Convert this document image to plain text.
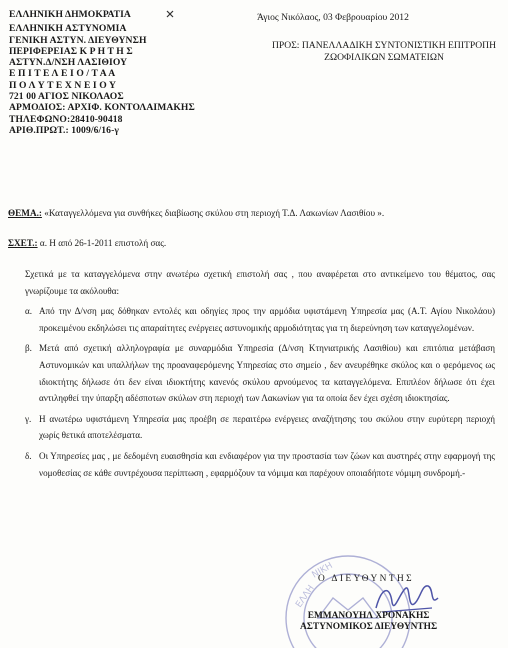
ΕΛΛΗΝΙΚΗ ΔΗΜΟΚΡΑΤΙΑ
ΕΛΛΗΝΙΚΗ ΑΣΤΥΝΟΜΙΑ
ΓΕΝΙΚΗ ΑΣΤΥΝ. ΔΙΕΥΘΥΝΣΗ
ΠΕΡΙΦΕΡΕΙΑΣ Κ Ρ Η Τ Η Σ
ΑΣΤΥΝ.Δ/ΝΣΗ ΛΑΣΙΘΙΟΥ
Ε Π Ι Τ Ε Λ Ε Ι Ο / Τ Α Α
Π Ο Λ Υ Τ Ε Χ Ν Ε Ι Ο Υ
721 00 ΑΓΙΟΣ ΝΙΚΟΛΑΟΣ
ΑΡΜΟΔΙΟΣ: ΑΡΧΙΦ. ΚΟΝΤΟΛΑΙΜΑΚΗΣ
ΤΗΛΕΦΩΝΟ:28410-90418
ΑΡΙΘ.ΠΡΩΤ.: 1009/6/16-γ
Άγιος Νικόλαος, 03 Φεβρουαρίου 2012
ΠΡΟΣ: ΠΑΝΕΛΛΑΔΙΚΗ ΣΥΝΤΟΝΙΣΤΙΚΗ ΕΠΙΤΡΟΠΗ
ΖΩΟΦΙΛΙΚΩΝ ΣΩΜΑΤΕΙΩΝ
ΘΕΜΑ.: «Καταγγελλόμενα για συνθήκες διαβίωσης σκύλου στη περιοχή Τ.Δ. Λακωνίων Λασιθίου ».
ΣΧΕΤ.: α. Η από 26-1-2011 επιστολή σας.

Σχετικά με τα καταγγελόμενα στην ανωτέρω σχετική επιστολή σας , που αναφέρεται στο αντικείμενο του θέματος, σας γνωρίζουμε τα ακόλουθα:

α. Από την Δ/νση μας δόθηκαν εντολές και οδηγίες προς την αρμόδια υφιστάμενη Υπηρεσία μας (Α.Τ. Αγίου Νικολάου) προκειμένου εκδηλώσει τις απαραίτητες ενέργειες αστυνομικής αρμοδιότητας για τη διερεύνηση των καταγγελομένων.

β. Μετά από σχετική αλληλογραφία με συναρμόδια Υπηρεσία (Δ/νση Κτηνιατρικής Λασιθίου) και επιτόπια μετάβαση Αστυνομικών και υπαλλήλων της προαναφερόμενης Υπηρεσίας στο σημείο , δεν ανευρέθηκε σκύλος και ο φερόμενος ως ιδιοκτήτης δήλωσε ότι δεν είναι ιδιοκτήτης κανενός σκύλου αρνούμενος τα καταγγελόμενα. Επιπλέον δήλωσε ότι έχει αντιληφθεί την ύπαρξη αδέσποτων σκύλων στη περιοχή των Λακωνίων για τα οποία δεν έχει σχέση ιδιοκτησίας.

γ. Η ανωτέρω υφιστάμενη Υπηρεσία μας προέβη σε περαιτέρω ενέργειες αναζήτησης του σκύλου στην ευρύτερη περιοχή χωρίς θετικά αποτελέσματα.

δ. Οι Υπηρεσίες μας , με δεδομένη ευαισθησία και ενδιαφέρον για την προστασία των ζώων και αυστηρές στην εφαρμογή της νομοθεσίας σε κάθε συντρέχουσα περίπτωση , εφαρμόζουν τα νόμιμα και παρέχουν οποιαδήποτε νόμιμη συνδρομή.-

ΕΛΛΗ
ΝΙΚΗ
Ο ΔΙΕΥΘΥΝΤΗΣ
ΕΜΜΑΝΟΥΗΛ ΧΡΟΝΑΚΗΣ
ΑΣΤΥΝΟΜΙΚΟΣ ΔΙΕΥΘΥΝΤΗΣ
